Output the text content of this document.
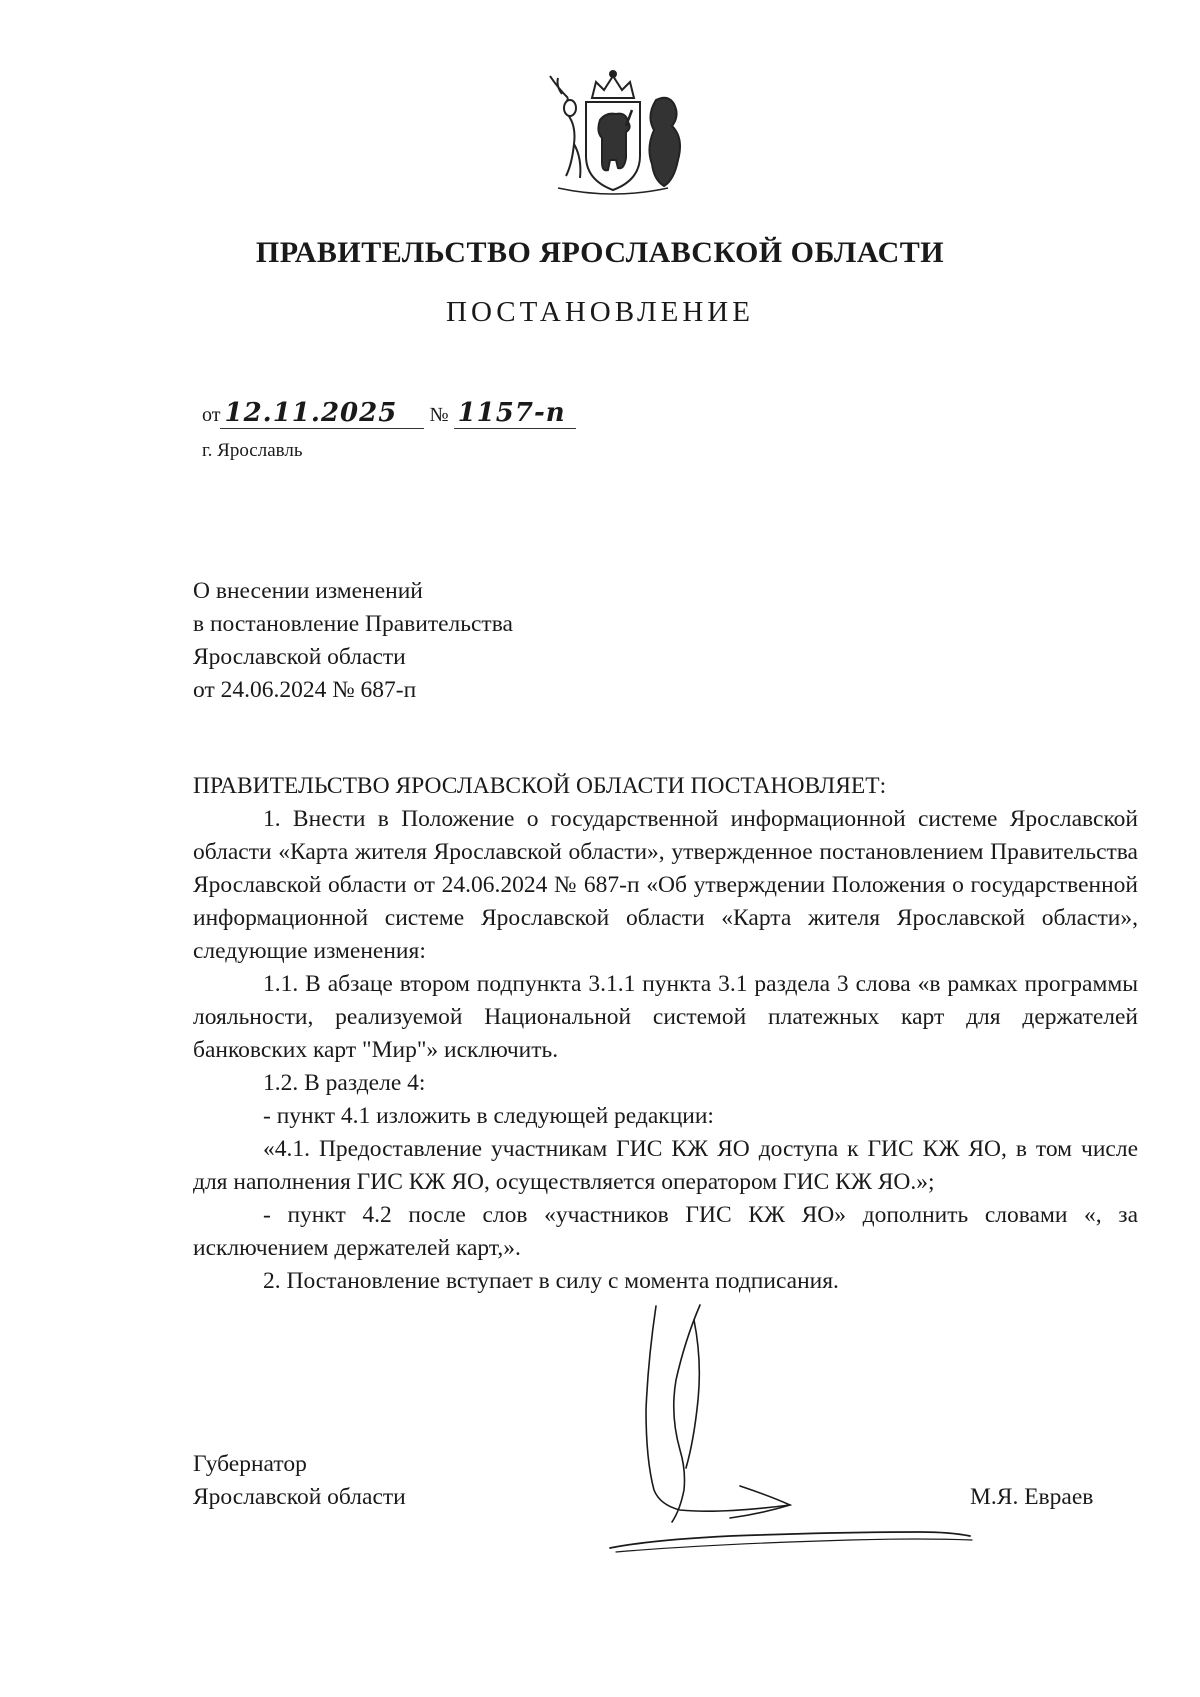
ПРАВИТЕЛЬСТВО ЯРОСЛАВСКОЙ ОБЛАСТИ
ПОСТАНОВЛЕНИЕ
от 12.11.2025 № 1157-п
г. Ярославль
О внесении изменений
в постановление Правительства
Ярославской области
от 24.06.2024 № 687-п

ПРАВИТЕЛЬСТВО ЯРОСЛАВСКОЙ ОБЛАСТИ ПОСТАНОВЛЯЕТ:

1. Внести в Положение о государственной информационной системе Ярославской области «Карта жителя Ярославской области», утвержденное постановлением Правительства Ярославской области от 24.06.2024 № 687-п «Об утверждении Положения о государственной информационной системе Ярославской области «Карта жителя Ярославской области», следующие изменения:

1.1. В абзаце втором подпункта 3.1.1 пункта 3.1 раздела 3 слова «в рамках программы лояльности, реализуемой Национальной системой платежных карт для держателей банковских карт "Мир"» исключить.

1.2. В разделе 4:

- пункт 4.1 изложить в следующей редакции:

«4.1. Предоставление участникам ГИС КЖ ЯО доступа к ГИС КЖ ЯО, в том числе для наполнения ГИС КЖ ЯО, осуществляется оператором ГИС КЖ ЯО.»;

- пункт 4.2 после слов «участников ГИС КЖ ЯО» дополнить словами «, за исключением держателей карт,».

2. Постановление вступает в силу с момента подписания.

Губернатор
Ярославской области	М.Я. Евраев
